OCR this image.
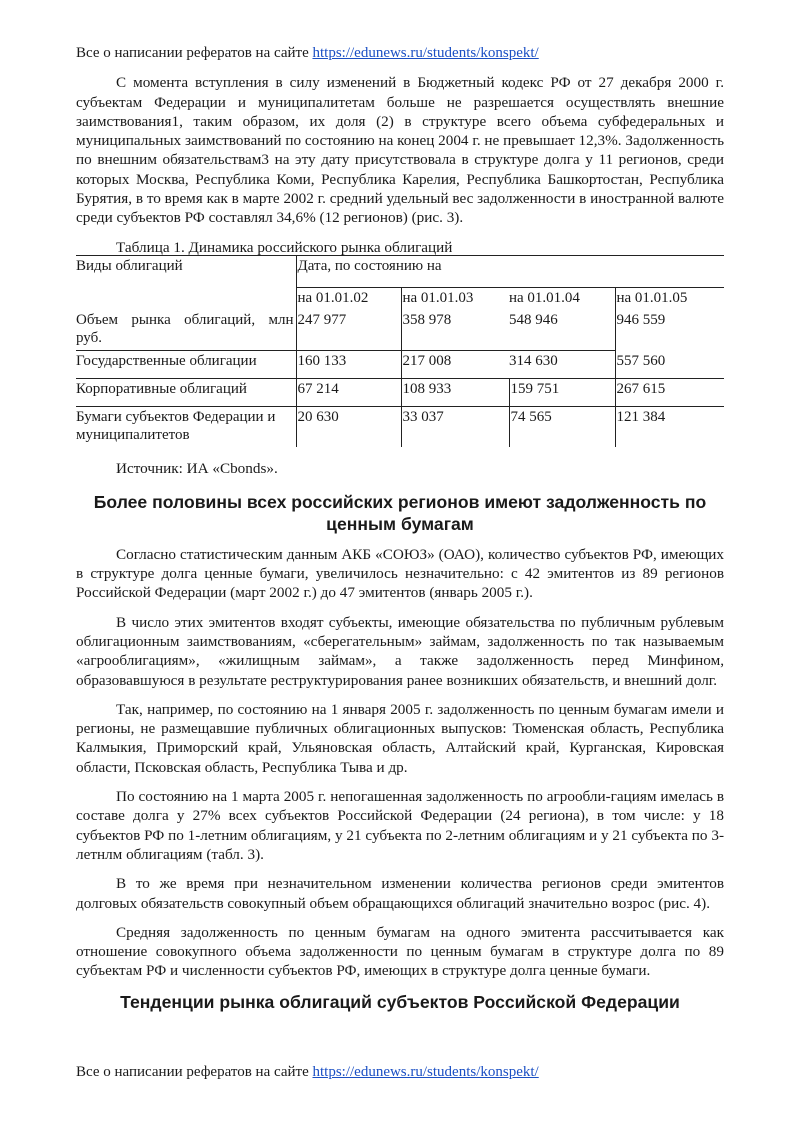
Все о написании рефератов на сайте https://edunews.ru/students/konspekt/

С момента вступления в силу изменений в Бюджетный кодекс РФ от 27 декабря 2000 г. субъектам Федерации и муниципалитетам больше не разрешается осуществлять внешние заимствования1, таким образом, их доля (2) в структуре всего объема субфедеральных и муниципальных заимствований по состоянию на конец 2004 г. не превышает 12,3%. Задолженность по внешним обязательствам3 на эту дату присутствовала в структуре долга у 11 регионов, среди которых Москва, Республика Коми, Республика Карелия, Республика Башкортостан, Республика Бурятия, в то время как в марте 2002 г. средний удельный вес задолженности в иностранной валюте среди субъектов РФ составлял 34,6% (12 регионов) (рис. 3).

Таблица 1. Динамика российского рынка облигаций
Виды облигаций	Дата, по состоянию на			
	на 01.01.02	на 01.01.03	на 01.01.04	на 01.01.05
Объем рынка облигаций, млн руб.	247 977	358 978	548 946	946 559
Государственные облигации	160 133	217 008	314 630	557 560
Корпоративные облигаций	67 214	108 933	159 751	267 615
Бумаги субъектов Федерации и муниципалитетов	20 630	33 037	74 565	121 384
Источник: ИА «Cbonds».
Более половины всех российских регионов имеют задолженность по ценным бумагам

Согласно статистическим данным АКБ «СОЮЗ» (ОАО), количество субъектов РФ, имеющих в структуре долга ценные бумаги, увеличилось незначительно: с 42 эмитентов из 89 регионов Российской Федерации (март 2002 г.) до 47 эмитентов (январь 2005 г.).

В число этих эмитентов входят субъекты, имеющие обязательства по публичным рублевым облигационным заимствованиям, «сберегательным» займам, задолженность по так называемым «агрооблигациям», «жилищным займам», а также задолженность перед Минфином, образовавшуюся в результате реструктурирования ранее возникших обязательств, и внешний долг.

Так, например, по состоянию на 1 января 2005 г. задолженность по ценным бумагам имели и регионы, не размещавшие публичных облигационных выпусков: Тюменская область, Республика Калмыкия, Приморский край, Ульяновская область, Алтайский край, Курганская, Кировская области, Псковская область, Республика Тыва и др.

По состоянию на 1 марта 2005 г. непогашенная задолженность по агрообли-гациям имелась в составе долга у 27% всех субъектов Российской Федерации (24 региона), в том числе: у 18 субъектов РФ по 1-летним облигациям, у 21 субъекта по 2-летним облигациям и у 21 субъекта по 3-летнлм облигациям (табл. 3).

В то же время при незначительном изменении количества регионов среди эмитентов долговых обязательств совокупный объем обращающихся облигаций значительно возрос (рис. 4).

Средняя задолженность по ценным бумагам на одного эмитента рассчитывается как отношение совокупного объема задолженности по ценным бумагам в структуре долга по 89 субъектам РФ и численности субъектов РФ, имеющих в структуре долга ценные бумаги.

Тенденции рынка облигаций субъектов Российской Федерации
Все о написании рефератов на сайте https://edunews.ru/students/konspekt/
